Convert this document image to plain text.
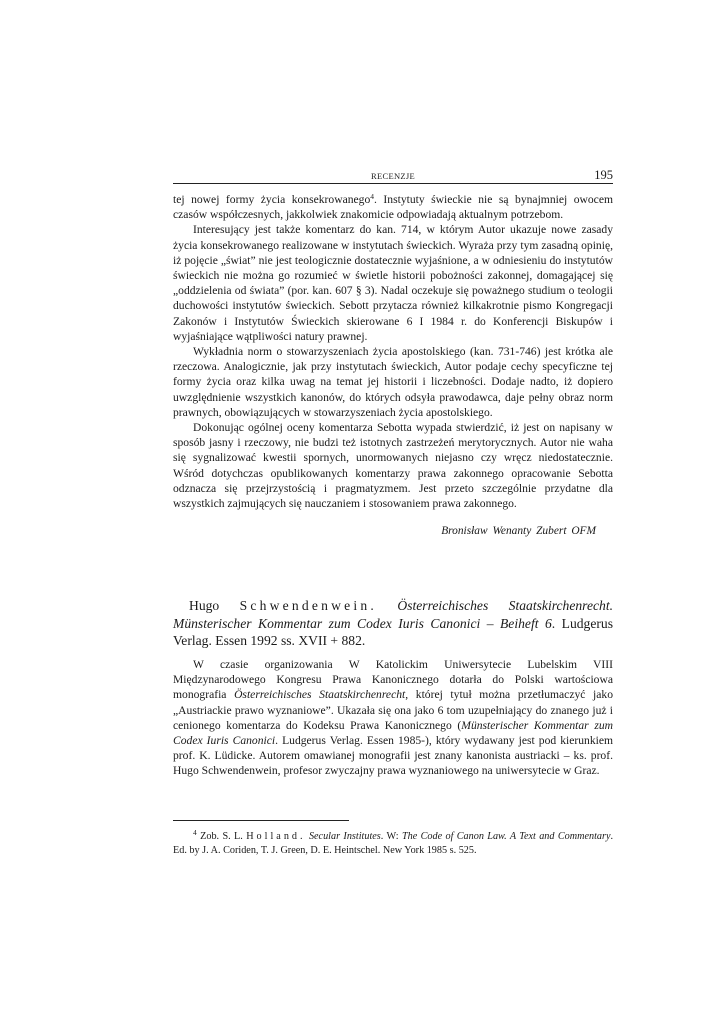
RECENZJE	195

tej nowej formy życia konsekrowanego$^4$. Instytuty świeckie nie są bynajmniej owocem czasów współczesnych, jakkolwiek znakomicie odpowiadają aktualnym potrzebom.

Interesujący jest także komentarz do kan. 714, w którym Autor ukazuje nowe zasady życia konsekrowanego realizowane w instytutach świeckich. Wyraża przy tym zasadną opinię, iż pojęcie „świat” nie jest teologicznie dostatecznie wyjaśnione, a w odniesieniu do instytutów świeckich nie można go rozumieć w świetle historii pobożności zakonnej, domagającej się „oddzielenia od świata” (por. kan. 607 § 3). Nadal oczekuje się poważnego studium o teologii duchowości instytutów świeckich. Sebott przytacza również kilkakrotnie pismo Kongregacji Zakonów i Instytutów Świeckich skierowane 6 I 1984 r. do Konferencji Biskupów i wyjaśniające wątpliwości natury prawnej.

Wykładnia norm o stowarzyszeniach życia apostolskiego (kan. 731-746) jest krótka ale rzeczowa. Analogicznie, jak przy instytutach świeckich, Autor podaje cechy specyficzne tej formy życia oraz kilka uwag na temat jej historii i liczebności. Dodaje nadto, iż dopiero uwzględnienie wszystkich kanonów, do których odsyła prawodawca, daje pełny obraz norm prawnych, obowiązujących w stowarzyszeniach życia apostolskiego.

Dokonując ogólnej oceny komentarza Sebotta wypada stwierdzić, iż jest on napisany w sposób jasny i rzeczowy, nie budzi też istotnych zastrzeżeń merytorycznych. Autor nie waha się sygnalizować kwestii spornych, unormowanych niejasno czy wręcz niedostatecznie. Wśród dotychczas opublikowanych komentarzy prawa zakonnego opracowanie Sebotta odznacza się przejrzystością i pragmatyzmem. Jest przeto szczególnie przydatne dla wszystkich zajmujących się nauczaniem i stosowaniem prawa zakonnego.

Bronisław Wenanty Zubert OFM
Hugo Schwendenwein. Österreichisches Staatskirchenrecht. Münsterischer Kommentar zum Codex Iuris Canonici – Beiheft 6. Ludgerus Verlag. Essen 1992 ss. XVII + 882.

W czasie organizowania W Katolickim Uniwersytecie Lubelskim VIII Międzynarodowego Kongresu Prawa Kanonicznego dotarła do Polski wartościowa monografia Österreichisches Staatskirchenrecht, której tytuł można przetłumaczyć jako „Austriackie prawo wyznaniowe”. Ukazała się ona jako 6 tom uzupełniający do znanego już i cenionego komentarza do Kodeksu Prawa Kanonicznego (Münsterischer Kommentar zum Codex Iuris Canonici. Ludgerus Verlag. Essen 1985-), który wydawany jest pod kierunkiem prof. K. Lüdicke. Autorem omawianej monografii jest znany kanonista austriacki – ks. prof. Hugo Schwendenwein, profesor zwyczajny prawa wyznaniowego na uniwersytecie w Graz.

$^4$ Zob. S. L. Holland. Secular Institutes. W: The Code of Canon Law. A Text and Commentary. Ed. by J. A. Coriden, T. J. Green, D. E. Heintschel. New York 1985 s. 525.
